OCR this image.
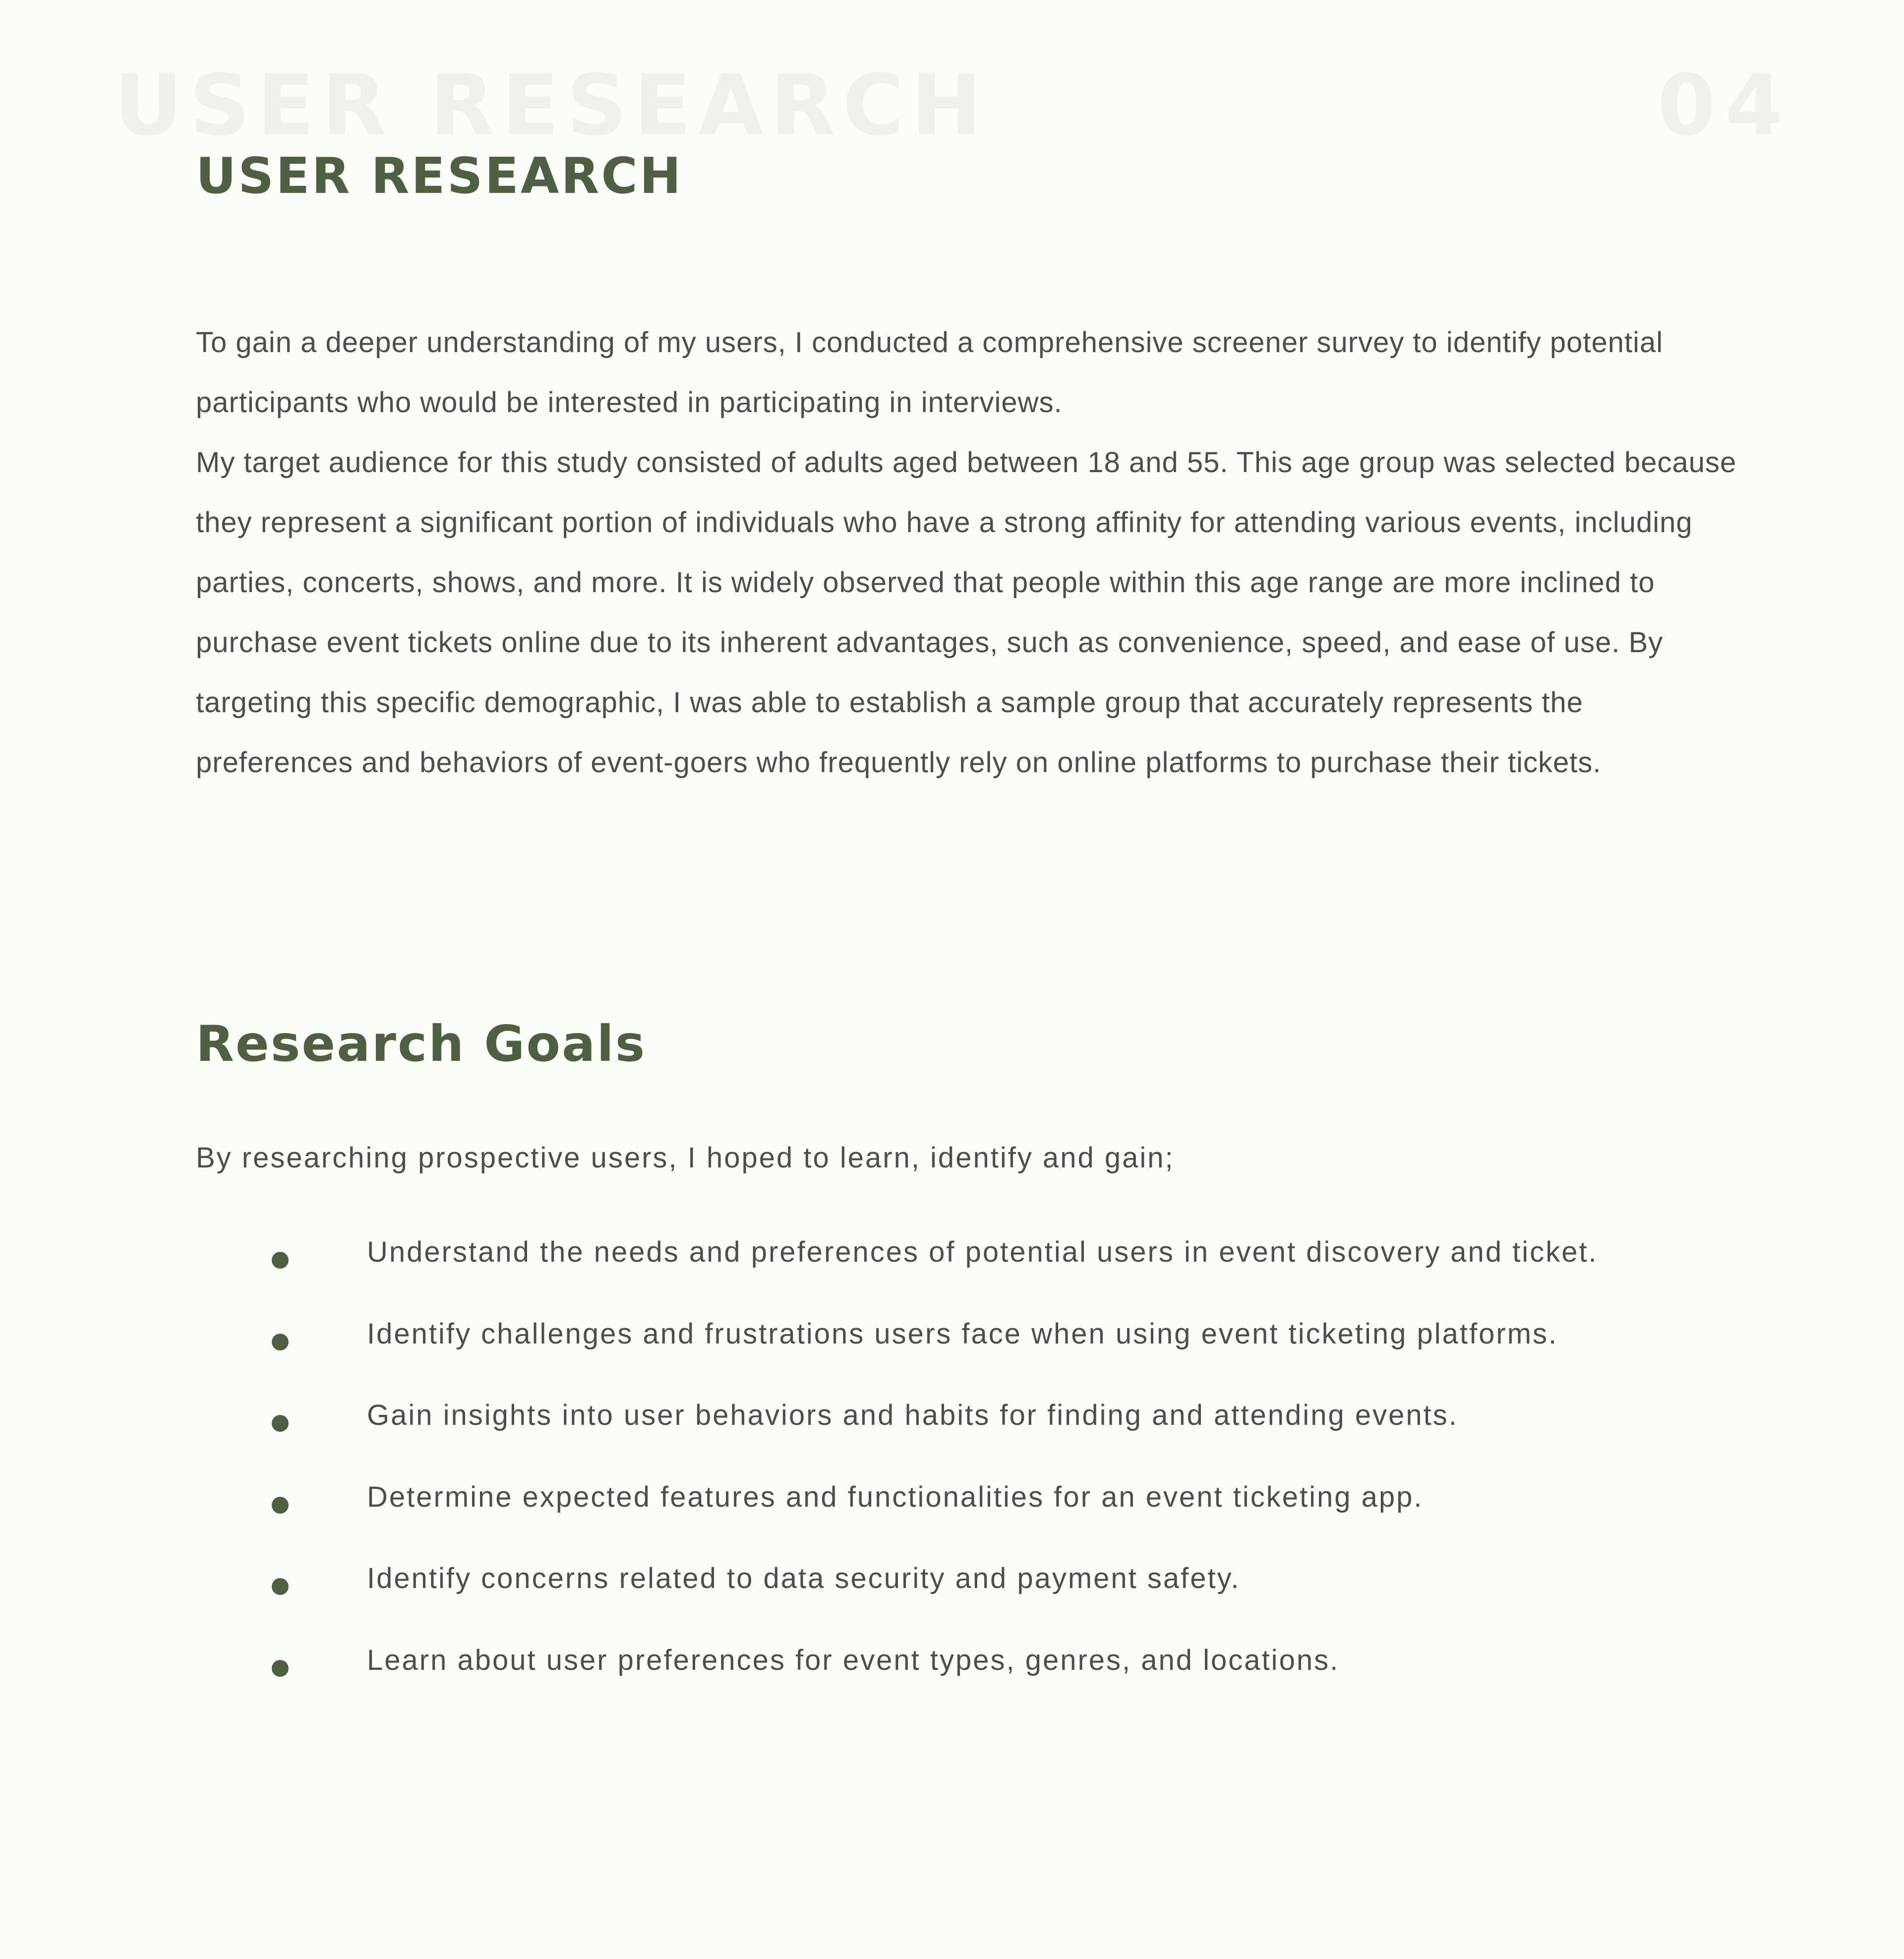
USER RESEARCH	04
USER RESEARCH

To gain a deeper understanding of my users, I conducted a comprehensive screener survey to identify potential participants who would be interested in participating in interviews.

My target audience for this study consisted of adults aged between 18 and 55. This age group was selected because they represent a significant portion of individuals who have a strong affinity for attending various events, including parties, concerts, shows, and more. It is widely observed that people within this age range are more inclined to purchase event tickets online due to its inherent advantages, such as convenience, speed, and ease of use. By targeting this specific demographic, I was able to establish a sample group that accurately represents the preferences and behaviors of event-goers who frequently rely on online platforms to purchase their tickets.

Research Goals

By researching prospective users, I hoped to learn, identify and gain;

Understand the needs and preferences of potential users in event discovery and ticket.
Identify challenges and frustrations users face when using event ticketing platforms.
Gain insights into user behaviors and habits for finding and attending events.
Determine expected features and functionalities for an event ticketing app.
Identify concerns related to data security and payment safety.
Learn about user preferences for event types, genres, and locations.
